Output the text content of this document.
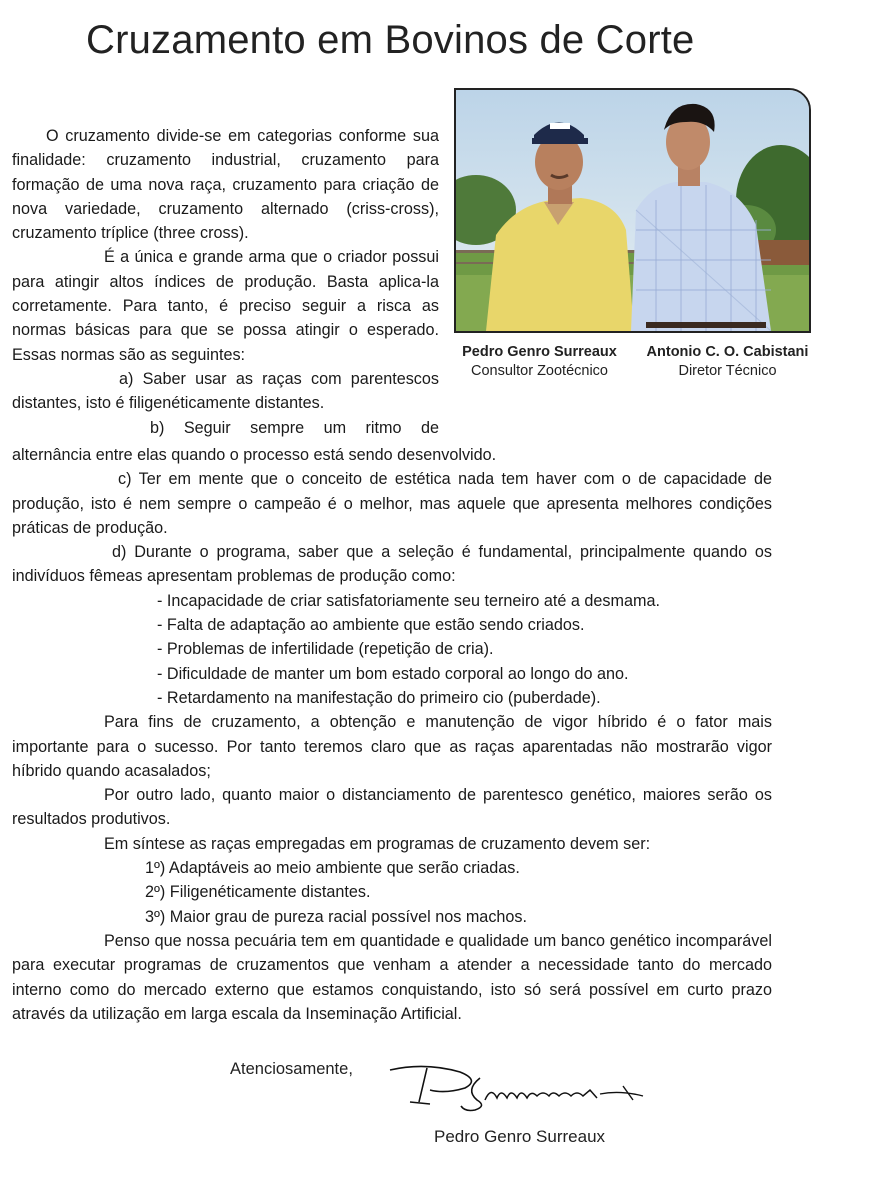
Cruzamento em Bovinos de Corte
Pedro Genro Surreaux
Consultor Zootécnico
Antonio C. O. Cabistani
Diretor Técnico

O cruzamento divide-se em categorias conforme sua finalidade: cruzamento industrial, cruzamento para formação de uma nova raça, cruzamento para criação de nova variedade, cruzamento alternado (criss-cross), cruzamento tríplice (three cross).

É a única e grande arma que o criador possui para atingir altos índices de produção. Basta aplica-la corretamente. Para tanto, é preciso seguir a risca as normas básicas para que se possa atingir o esperado. Essas normas são as seguintes:

a) Saber usar as raças com parentescos distantes, isto é filigenéticamente distantes.

b) Seguir sempre um ritmo de

alternância entre elas quando o processo está sendo desenvolvido.

c) Ter em mente que o conceito de estética nada tem haver com o de capacidade de produção, isto é nem sempre o campeão é o melhor, mas aquele que apresenta melhores condições práticas de produção.

d) Durante o programa, saber que a seleção é fundamental, principalmente quando os indivíduos fêmeas apresentam problemas de produção como:

- Incapacidade de criar satisfatoriamente seu terneiro até a desmama.

- Falta de adaptação ao ambiente que estão sendo criados.

- Problemas de infertilidade (repetição de cria).

- Dificuldade de manter um bom estado corporal ao longo do ano.

- Retardamento na manifestação do primeiro cio (puberdade).

Para fins de cruzamento, a obtenção e manutenção de vigor híbrido é o fator mais importante para o sucesso. Por tanto teremos claro que as raças aparentadas não mostrarão vigor híbrido quando acasalados;

Por outro lado, quanto maior o distanciamento de parentesco genético, maiores serão os resultados produtivos.

Em síntese as raças empregadas em programas de cruzamento devem ser:

1º) Adaptáveis ao meio ambiente que serão criadas.

2º) Filigenéticamente distantes.

3º) Maior grau de pureza racial possível nos machos.

Penso que nossa pecuária tem em quantidade e qualidade um banco genético incomparável para executar programas de cruzamentos que venham a atender a necessidade tanto do mercado interno como do mercado externo que estamos conquistando, isto só será possível em curto prazo através da utilização em larga escala da Inseminação Artificial.

Atenciosamente,
Pedro Genro Surreaux
